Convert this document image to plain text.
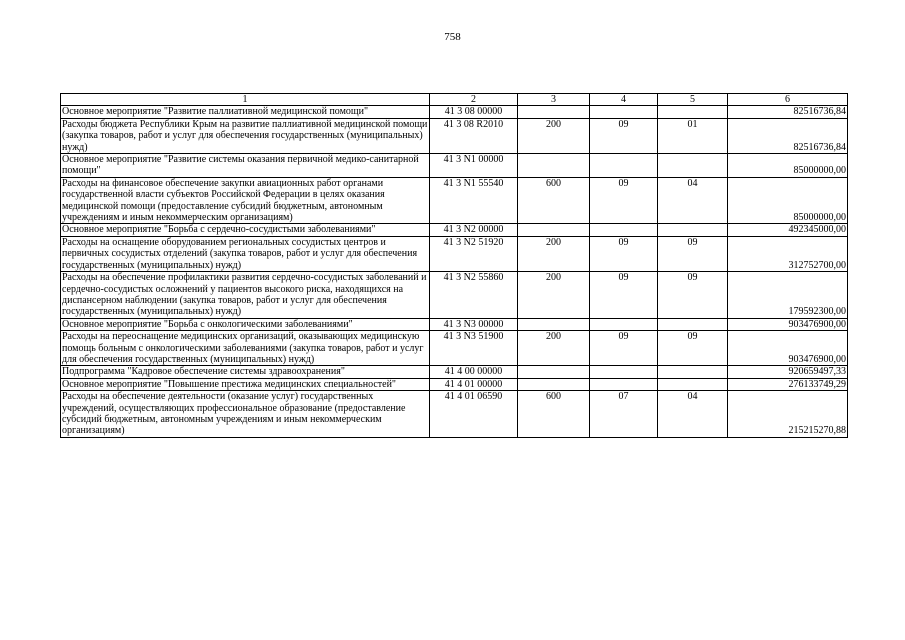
758
1	2	3	4	5	6
Основное мероприятие "Развитие паллиативной медицинской помощи"	41 3 08 00000				82516736,84
Расходы бюджета Республики Крым на развитие паллиативной медицинской помощи (закупка товаров, работ и услуг для обеспечения государственных (муниципальных) нужд)	41 3 08 R2010	200	09	01	82516736,84
Основное мероприятие "Развитие системы оказания первичной медико-санитарной помощи"	41 3 N1 00000				85000000,00
Расходы на финансовое обеспечение закупки авиационных работ органами государственной власти субъектов Российской Федерации в целях оказания медицинской помощи (предоставление субсидий бюджетным, автономным учреждениям и иным некоммерческим организациям)	41 3 N1 55540	600	09	04	85000000,00
Основное мероприятие "Борьба с сердечно-сосудистыми заболеваниями"	41 3 N2 00000				492345000,00
Расходы на оснащение оборудованием региональных сосудистых центров и первичных сосудистых отделений (закупка товаров, работ и услуг для обеспечения государственных (муниципальных) нужд)	41 3 N2 51920	200	09	09	312752700,00
Расходы на обеспечение профилактики развития сердечно-сосудистых заболеваний и сердечно-сосудистых осложнений у пациентов высокого риска, находящихся на диспансерном наблюдении (закупка товаров, работ и услуг для обеспечения государственных (муниципальных) нужд)	41 3 N2 55860	200	09	09	179592300,00
Основное мероприятие "Борьба с онкологическими заболеваниями"	41 3 N3 00000				903476900,00
Расходы на переоснащение медицинских организаций, оказывающих медицинскую помощь больным с онкологическими заболеваниями (закупка товаров, работ и услуг для обеспечения государственных (муниципальных) нужд)	41 3 N3 51900	200	09	09	903476900,00
Подпрограмма "Кадровое обеспечение системы здравоохранения"	41 4 00 00000				920659497,33
Основное мероприятие "Повышение престижа медицинских специальностей"	41 4 01 00000				276133749,29
Расходы на обеспечение деятельности (оказание услуг) государственных учреждений, осуществляющих профессиональное образование (предоставление субсидий бюджетным, автономным учреждениям и иным некоммерческим организациям)	41 4 01 06590	600	07	04	215215270,88
